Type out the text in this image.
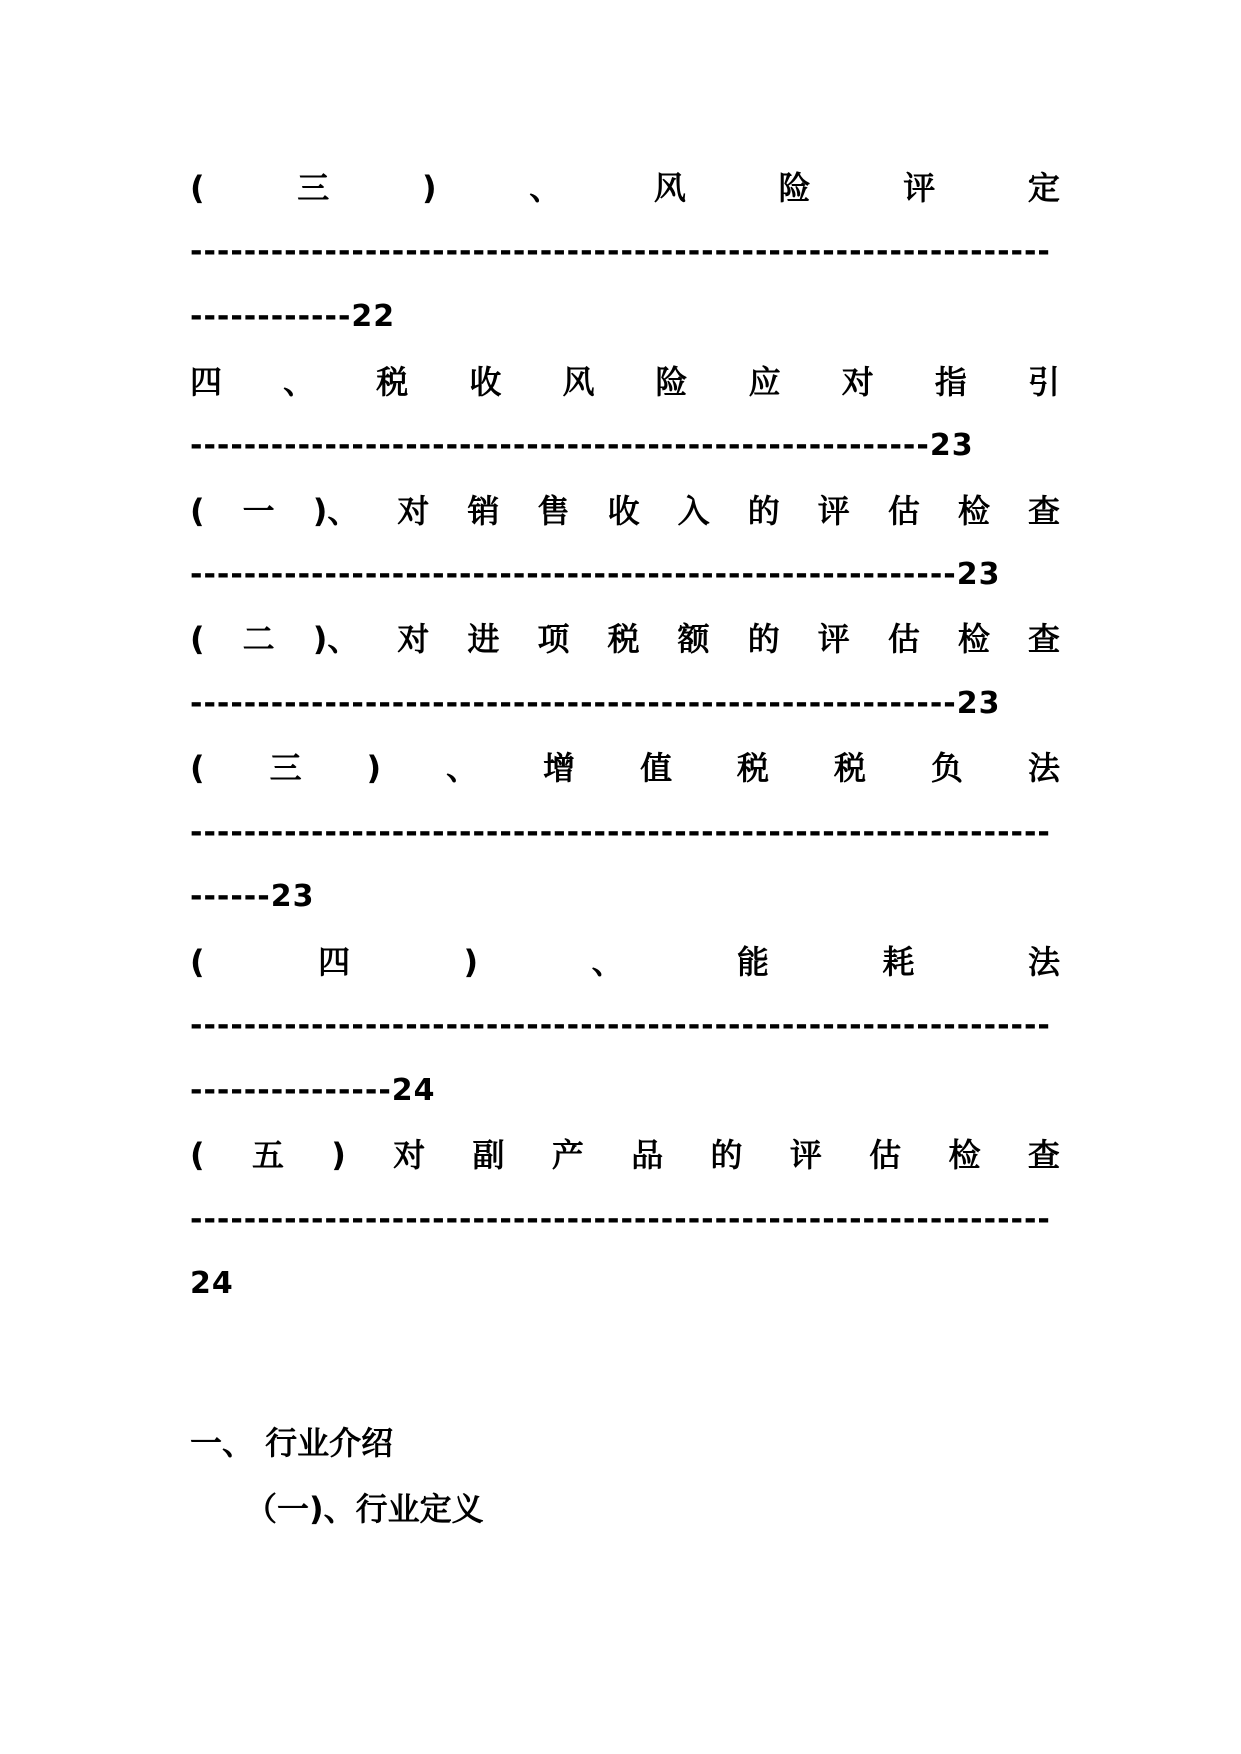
(	三	)	、	风	险	评	定
----------------------------------------------------------------
------------22
四 、 税 收 风 险 应 对 指 引
-------------------------------------------------------23
( 一 )、 对 销 售 收 入 的 评 估 检 查
---------------------------------------------------------23
( 二 )、 对 进 项 税 额 的 评 估 检 查
---------------------------------------------------------23
( 三 ) 、 增 值 税 税 负 法
----------------------------------------------------------------
------23
(	四	)	、	能	耗	法
----------------------------------------------------------------
---------------24
( 五 ) 对 副 产 品 的 评 估 检 查
----------------------------------------------------------------
24
一、 行业介绍
（一)、行业定义
